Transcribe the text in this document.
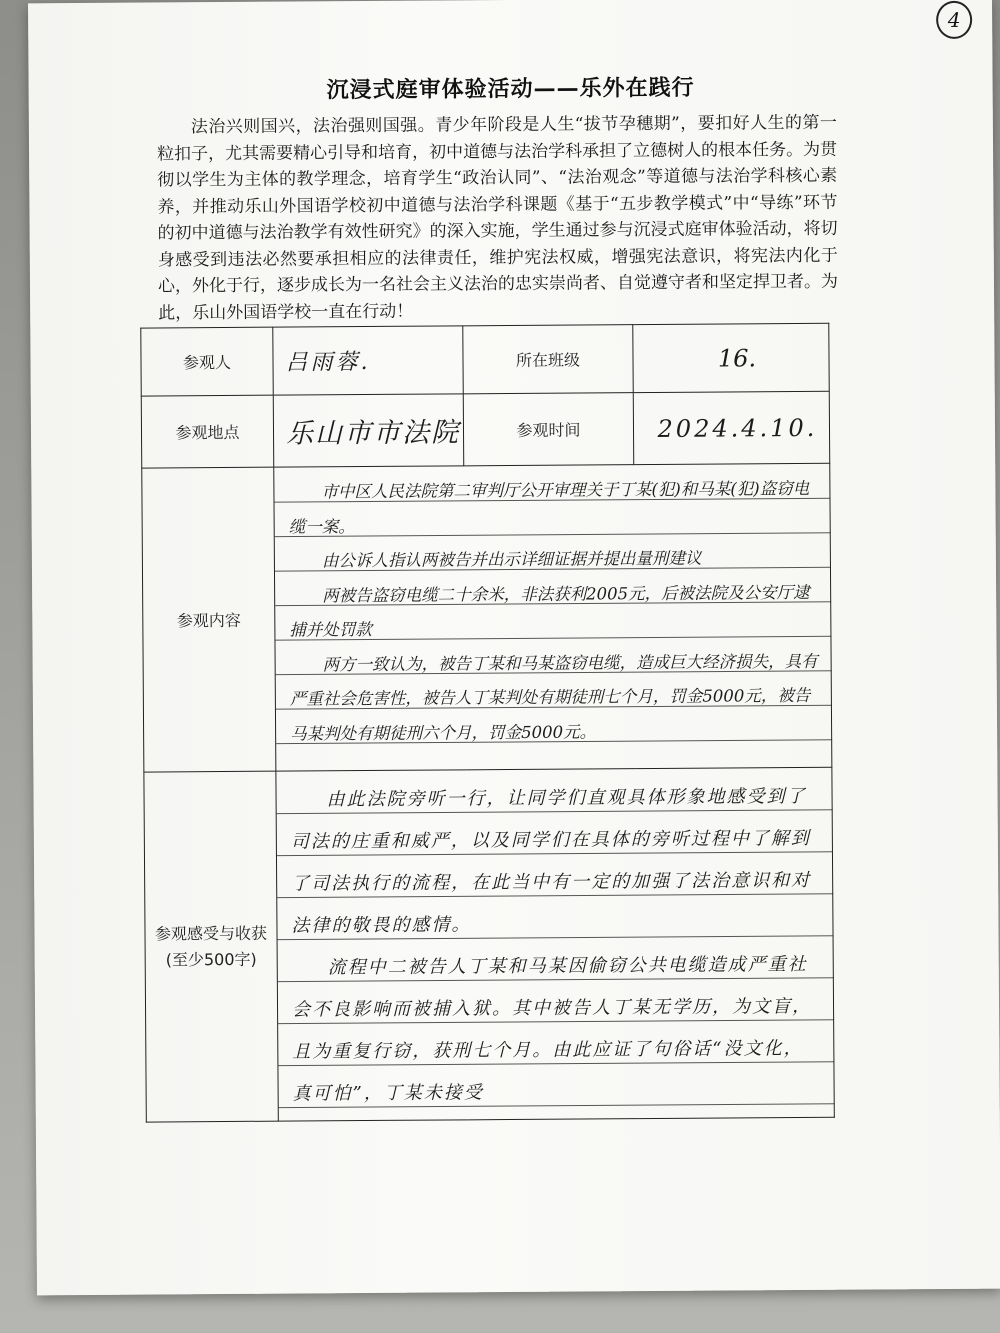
4
沉浸式庭审体验活动——乐外在践行
法治兴则国兴，法治强则国强。青少年阶段是人生“拔节孕穗期”，要扣好人生的第一粒扣子，尤其需要精心引导和培育，初中道德与法治学科承担了立德树人的根本任务。为贯彻以学生为主体的教学理念，培育学生“政治认同”、“法治观念”等道德与法治学科核心素养，并推动乐山外国语学校初中道德与法治学科课题《基于“五步教学模式”中“导练”环节的初中道德与法治教学有效性研究》的深入实施，学生通过参与沉浸式庭审体验活动，将切身感受到违法必然要承担相应的法律责任，维护宪法权威，增强宪法意识，将宪法内化于心，外化于行，逐步成长为一名社会主义法治的忠实崇尚者、自觉遵守者和坚定捍卫者。为此，乐山外国语学校一直在行动！
参观人	吕雨蓉.	所在班级	16.
参观地点	乐山市市法院	参观时间	2024.4.10.
参观内容	市中区人民法院第二审判厅公开审理关于丁某(犯)和马某(犯)盗窃电缆一案。

由公诉人指认两被告并出示详细证据并提出量刑建议

两被告盗窃电缆二十余米，非法获利2005元，后被法院及公安厅逮捕并处罚款

两方一致认为，被告丁某和马某盗窃电缆，造成巨大经济损失，具有严重社会危害性，被告人丁某判处有期徒刑七个月，罚金5000元，被告马某判处有期徒刑六个月，罚金5000元。		

参观感受与收获(至少500字)	由此法院旁听一行，让同学们直观具体形象地感受到了司法的庄重和威严，以及同学们在具体的旁听过程中了解到了司法执行的流程，在此当中有一定的加强了法治意识和对法律的敬畏的感情。

流程中二被告人丁某和马某因偷窃公共电缆造成严重社会不良影响而被捕入狱。其中被告人丁某无学历，为文盲，且为重复行窃，获刑七个月。由此应证了句俗话“没文化，真可怕”，丁某未接受		
